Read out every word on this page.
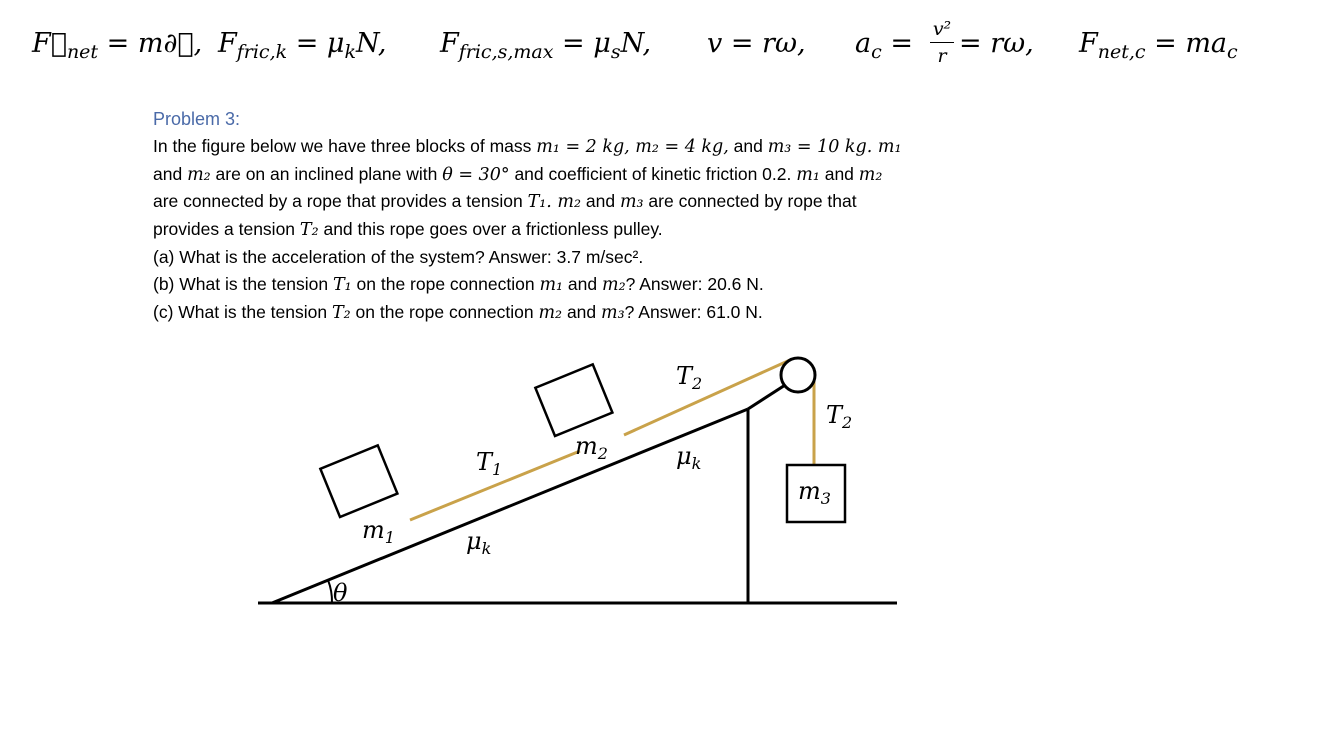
$F⃗_{net}$ = m∂⃗, $F_{fric,k} = \mu_kN$, $F_{fric,s,max} = \mu_sN$, v = rω, $a_c = v^2$
r = rω, $F_{net,c} = ma_c$
Problem 3:
In the figure below we have three blocks of mass m₁ = 2 kg, m₂ = 4 kg, and m₃ = 10 kg. m₁
and m₂ are on an inclined plane with θ = 30° and coefficient of kinetic friction 0.2. m₁ and m₂
are connected by a rope that provides a tension T₁. m₂ and m₃ are connected by rope that
provides a tension T₂ and this rope goes over a frictionless pulley.
(a) What is the acceleration of the system? Answer: 3.7 m/sec².
(b) What is the tension T₁ on the rope connection m₁ and m₂? Answer: 20.6 N.
(c) What is the tension T₂ on the rope connection m₂ and m₃? Answer: 61.0 N.
$m_1$
$m_2$
$m_3$
$T_1$
$T_2$
$T_2$
$\mu_k$
$\mu_k$
θ
